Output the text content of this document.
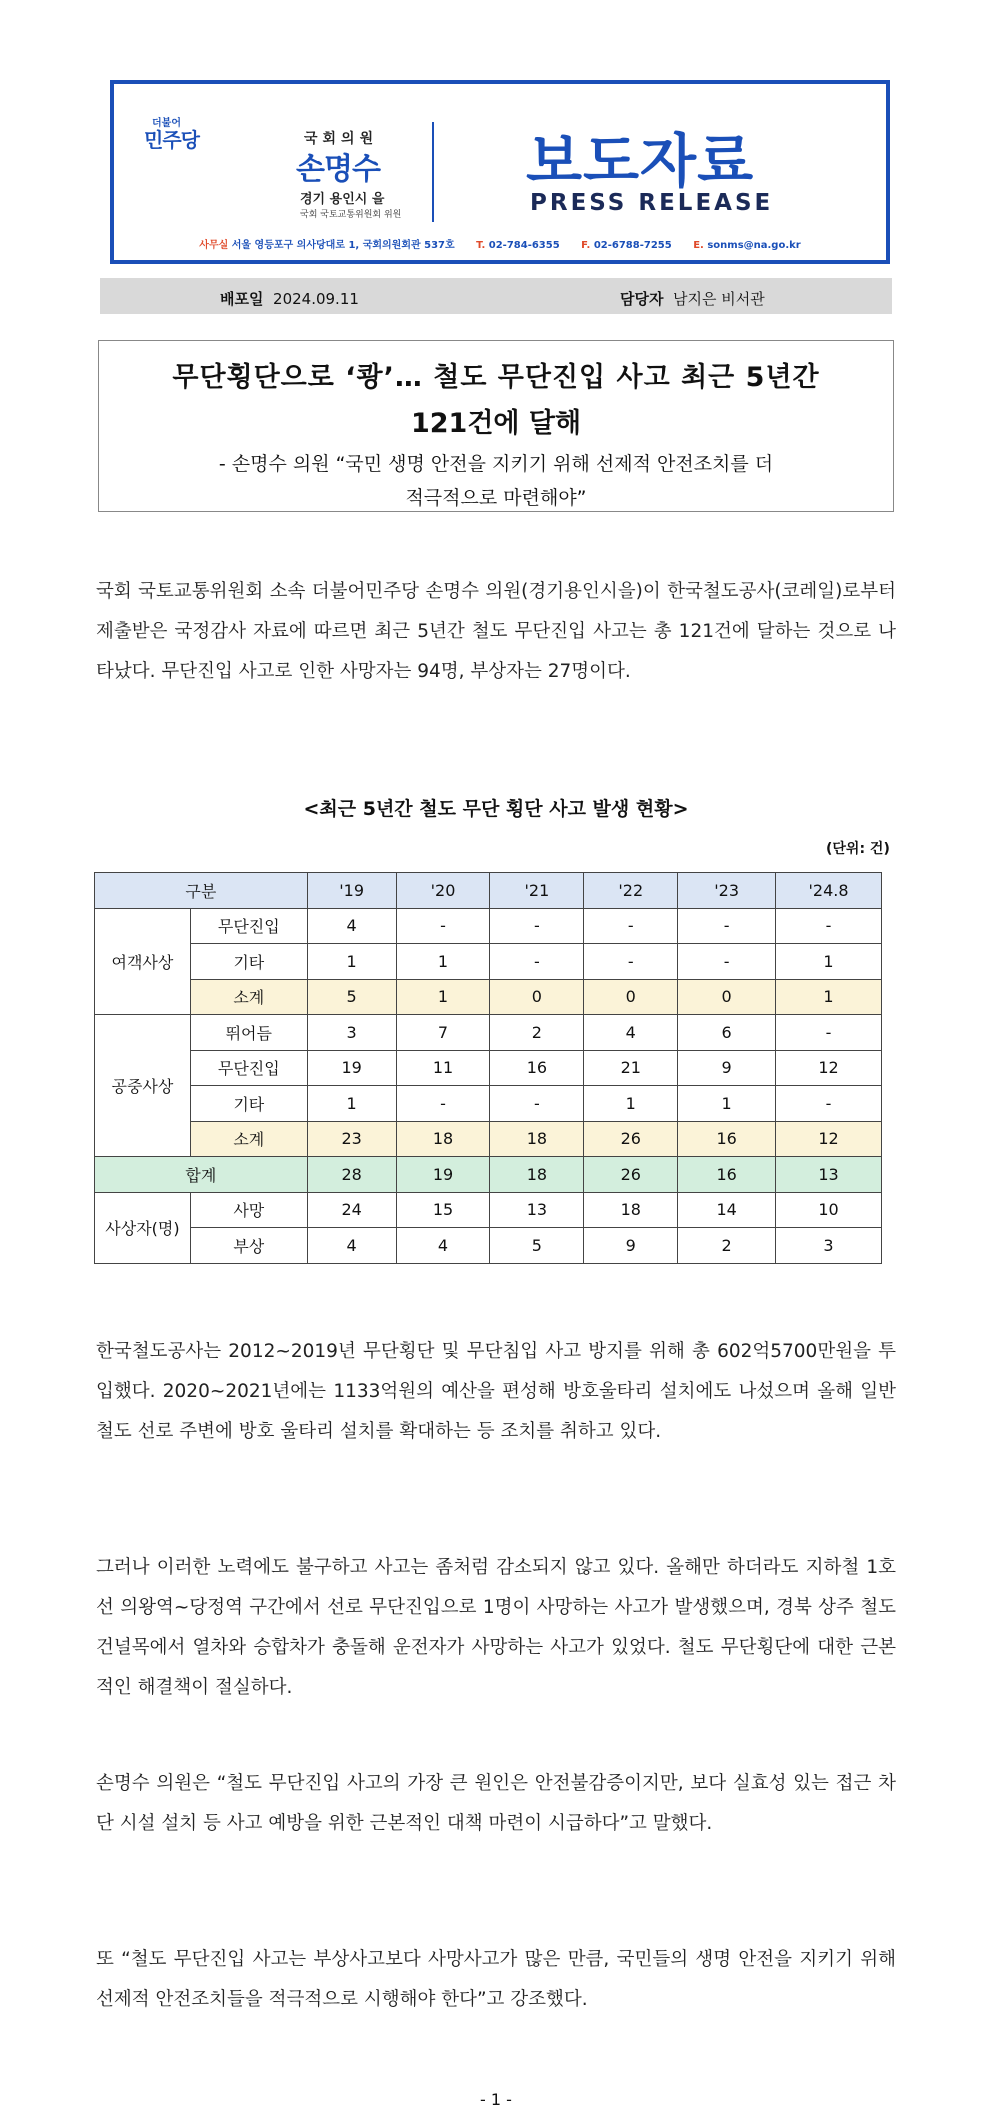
더불어
민주당	국회의원
손명수
경기 용인시 을
국회 국토교통위원회 위원
보도자료
PRESS RELEASE
사무실 서울 영등포구 의사당대로 1, 국회의원회관 537호 T. 02-784-6355 F. 02-6788-7255 E. sonms@na.go.kr
배포일 2024.09.11	담당자 남지은 비서관
무단횡단으로 ‘쾅’… 철도 무단진입 사고 최근 5년간
121건에 달해
- 손명수 의원 “국민 생명 안전을 지키기 위해 선제적 안전조치를 더
적극적으로 마련해야”
국회 국토교통위원회 소속 더불어민주당 손명수 의원(경기용인시을)이 한국철도공사(코레일)로부터 제출받은 국정감사 자료에 따르면 최근 5년간 철도 무단진입 사고는 총 121건에 달하는 것으로 나타났다. 무단진입 사고로 인한 사망자는 94명, 부상자는 27명이다.
<최근 5년간 철도 무단 횡단 사고 발생 현황>
(단위: 건)
구분		'19	'20	'21	'22	'23	'24.8
여객사상	무단진입	4	-	-	-	-	-
	기타	1	1	-	-	-	1
	소계	5	1	0	0	0	1
공중사상	뛰어듬	3	7	2	4	6	-
	무단진입	19	11	16	21	9	12
	기타	1	-	-	1	1	-
	소계	23	18	18	26	16	12
합계		28	19	18	26	16	13
사상자(명)	사망	24	15	13	18	14	10
	부상	4	4	5	9	2	3
한국철도공사는 2012~2019년 무단횡단 및 무단침입 사고 방지를 위해 총 602억5700만원을 투입했다. 2020~2021년에는 1133억원의 예산을 편성해 방호울타리 설치에도 나섰으며 올해 일반철도 선로 주변에 방호 울타리 설치를 확대하는 등 조치를 취하고 있다.
그러나 이러한 노력에도 불구하고 사고는 좀처럼 감소되지 않고 있다. 올해만 하더라도 지하철 1호선 의왕역~당정역 구간에서 선로 무단진입으로 1명이 사망하는 사고가 발생했으며, 경북 상주 철도 건널목에서 열차와 승합차가 충돌해 운전자가 사망하는 사고가 있었다. 철도 무단횡단에 대한 근본적인 해결책이 절실하다.
손명수 의원은 “철도 무단진입 사고의 가장 큰 원인은 안전불감증이지만, 보다 실효성 있는 접근 차단 시설 설치 등 사고 예방을 위한 근본적인 대책 마련이 시급하다”고 말했다.
또 “철도 무단진입 사고는 부상사고보다 사망사고가 많은 만큼, 국민들의 생명 안전을 지키기 위해 선제적 안전조치들을 적극적으로 시행해야 한다”고 강조했다.
- 1 -
